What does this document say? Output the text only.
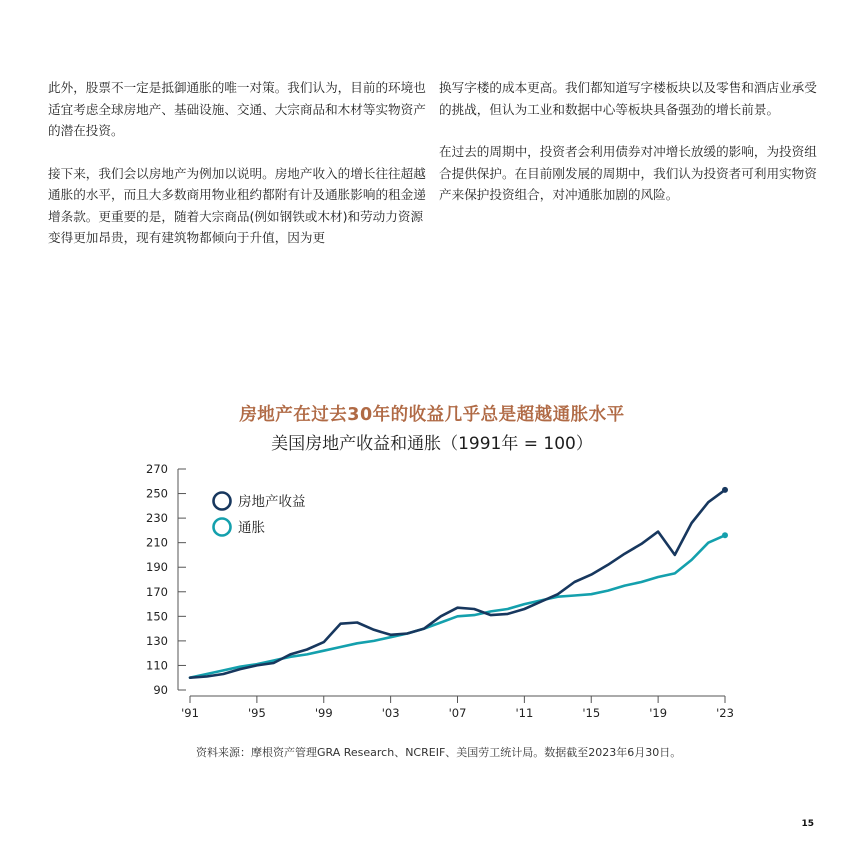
此外，股票不一定是抵御通胀的唯一对策。我们认为，目前的环境也适宜考虑全球房地产、基础设施、交通、大宗商品和木材等实物资产的潜在投资。

接下来，我们会以房地产为例加以说明。房地产收入的增长往往超越通胀的水平，而且大多数商用物业租约都附有计及通胀影响的租金递增条款。更重要的是，随着大宗商品(例如钢铁或木材)和劳动力资源变得更加昂贵，现有建筑物都倾向于升值，因为更

换写字楼的成本更高。我们都知道写字楼板块以及零售和酒店业承受的挑战，但认为工业和数据中心等板块具备强劲的增长前景。

在过去的周期中，投资者会利用债券对冲增长放缓的影响，为投资组合提供保护。在目前刚发展的周期中，我们认为投资者可利用实物资产来保护投资组合，对冲通胀加剧的风险。

房地产在过去30年的收益几乎总是超越通胀水平
美国房地产收益和通胀（1991年 = 100）
90
110
130
150
170
190
210
230
250
270
'91	'95	'99	'03	'07	'11	'15	'19	'23
房地产收益
通胀
资料来源：摩根资产管理GRA Research、NCREIF、美国劳工统计局。数据截至2023年6月30日。
15
